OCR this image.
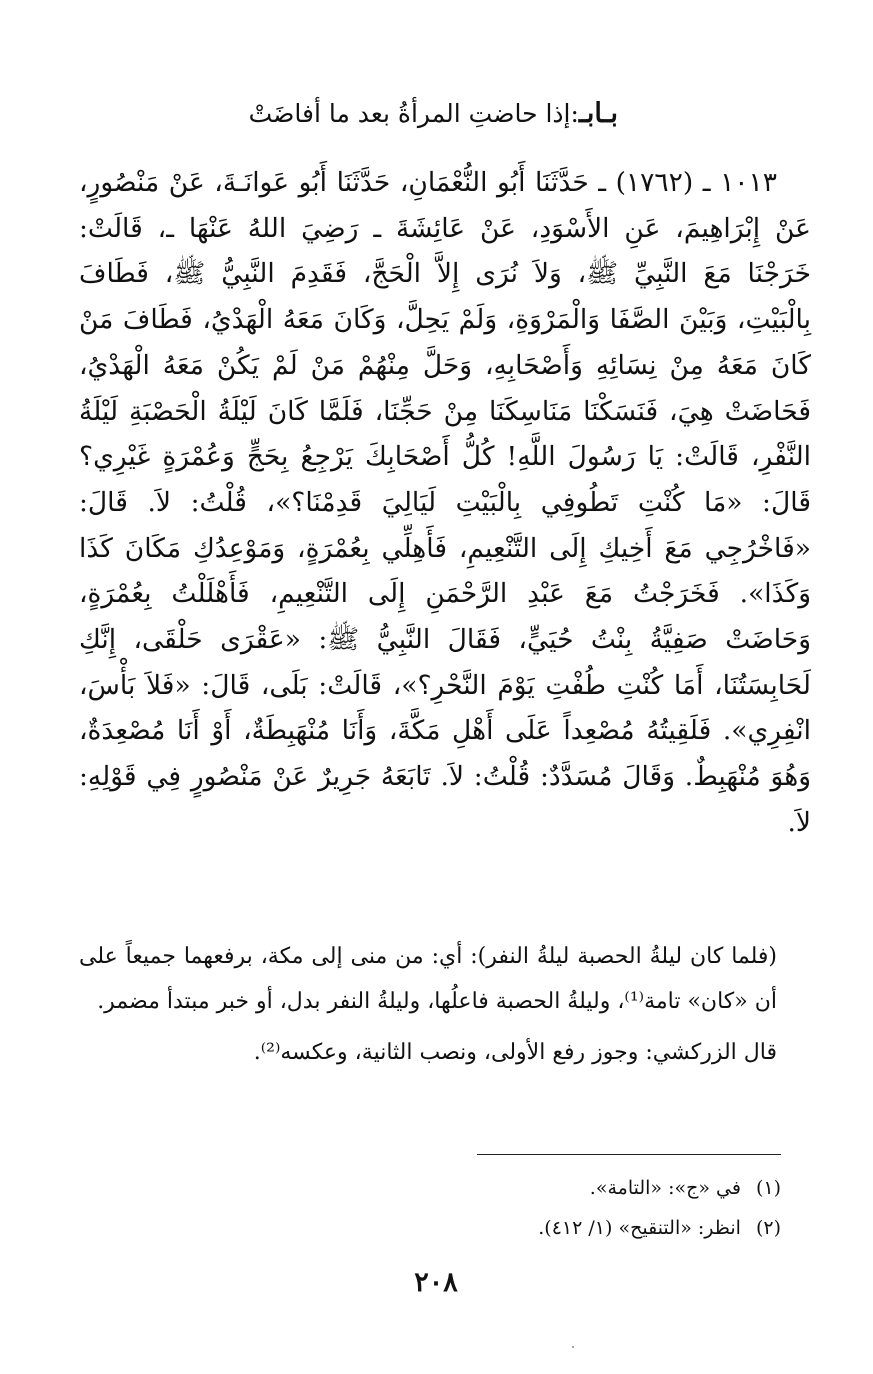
بـابـ:إذا حاضتِ المرأةُ بعد ما أفاضَتْ
١٠١٣ ـ (١٧٦٢) ـ حَدَّثَنَا أَبُو النُّعْمَانِ، حَدَّثَنَا أَبُو عَوانَـةَ، عَنْ مَنْصُورٍ، عَنْ إِبْرَاهِيمَ، عَنِ الأَسْوَدِ، عَنْ عَائِشَةَ ـ رَضِيَ اللهُ عَنْهَا ـ، قَالَتْ: خَرَجْنَا مَعَ النَّبِيِّ ﷺ، وَلاَ نُرَى إِلاَّ الْحَجَّ، فَقَدِمَ النَّبِيُّ ﷺ، فَطَافَ بِالْبَيْتِ، وَبَيْنَ الصَّفَا وَالْمَرْوَةِ، وَلَمْ يَحِلَّ، وَكَانَ مَعَهُ الْهَدْيُ، فَطَافَ مَنْ كَانَ مَعَهُ مِنْ نِسَائِهِ وَأَصْحَابِهِ، وَحَلَّ مِنْهُمْ مَنْ لَمْ يَكُنْ مَعَهُ الْهَدْيُ، فَحَاضَتْ هِيَ، فَنَسَكْنَا مَنَاسِكَنَا مِنْ حَجِّنَا، فَلَمَّا كَانَ لَيْلَةُ الْحَصْبَةِ لَيْلَةُ النَّفْرِ، قَالَتْ: يَا رَسُولَ اللَّهِ! كُلُّ أَصْحَابِكَ يَرْجِعُ بِحَجٍّ وَعُمْرَةٍ غَيْرِي؟ قَالَ: «مَا كُنْتِ تَطُوفِي بِالْبَيْتِ لَيَالِيَ قَدِمْنَا؟»، قُلْتُ: لاَ. قَالَ: «فَاخْرُجِي مَعَ أَخِيكِ إِلَى التَّنْعِيمِ، فَأَهِلِّي بِعُمْرَةٍ، وَمَوْعِدُكِ مَكَانَ كَذَا وَكَذَا». فَخَرَجْتُ مَعَ عَبْدِ الرَّحْمَنِ إِلَى التَّنْعِيمِ، فَأَهْلَلْتُ بِعُمْرَةٍ، وَحَاضَتْ صَفِيَّةُ بِنْتُ حُيَيٍّ، فَقَالَ النَّبِيُّ ﷺ: «عَقْرَى حَلْقَى، إِنَّكِ لَحَابِسَتُنَا، أَمَا كُنْتِ طُفْتِ يَوْمَ النَّحْرِ؟»، قَالَتْ: بَلَى، قَالَ: «فَلاَ بَأْسَ، انْفِرِي». فَلَقِيتُهُ مُصْعِداً عَلَى أَهْلِ مَكَّةَ، وَأَنَا مُنْهَبِطَةٌ، أَوْ أَنَا مُصْعِدَةٌ، وَهُوَ مُنْهَبِطٌ. وَقَالَ مُسَدَّدٌ: قُلْتُ: لاَ. تَابَعَهُ جَرِيرٌ عَنْ مَنْصُورٍ فِي قَوْلِهِ: لاَ.

(فلما كان ليلةُ الحصبة ليلةُ النفر): أي: من منى إلى مكة، برفعهما جميعاً على أن «كان» تامة⁽¹⁾، وليلةُ الحصبة فاعلُها، وليلةُ النفر بدل، أو خبر مبتدأ مضمر.

قال الزركشي: وجوز رفع الأولى، ونصب الثانية، وعكسه⁽²⁾.

(١) في «ج»: «التامة».
(٢) انظر: «التنقيح» (١/ ٤١٢).
٢٠٨
